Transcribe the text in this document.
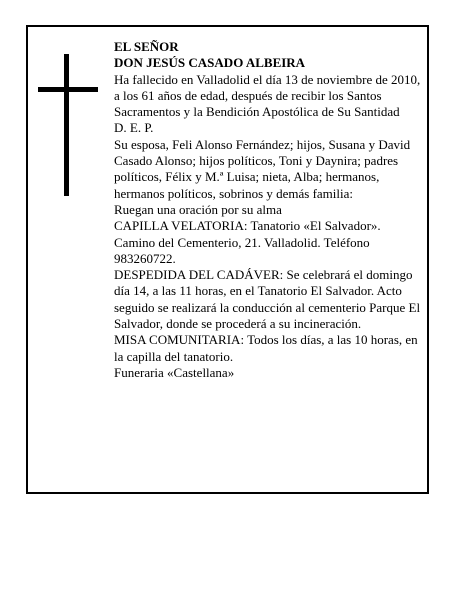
EL SEÑOR

DON JESÚS CASADO ALBEIRA

Ha fallecido en Valladolid el día 13 de noviembre de 2010, a los 61 años de edad, después de recibir los Santos Sacramentos y la Bendición Apostólica de Su Santidad

D. E. P.

Su esposa, Feli Alonso Fernández; hijos, Susana y David Casado Alonso; hijos políticos, Toni y Daynira; padres políticos, Félix y M.ª Luisa; nieta, Alba; hermanos, hermanos políticos, sobrinos y demás familia:

Ruegan una oración por su alma

CAPILLA VELATORIA: Tanatorio «El Salvador». Camino del Cementerio, 21. Valladolid. Teléfono 983260722.

DESPEDIDA DEL CADÁVER: Se celebrará el domingo día 14, a las 11 horas, en el Tanatorio El Salvador. Acto seguido se realizará la conducción al cementerio Parque El Salvador, donde se procederá a su incineración.

MISA COMUNITARIA: Todos los días, a las 10 horas, en la capilla del tanatorio.

Funeraria «Castellana»
